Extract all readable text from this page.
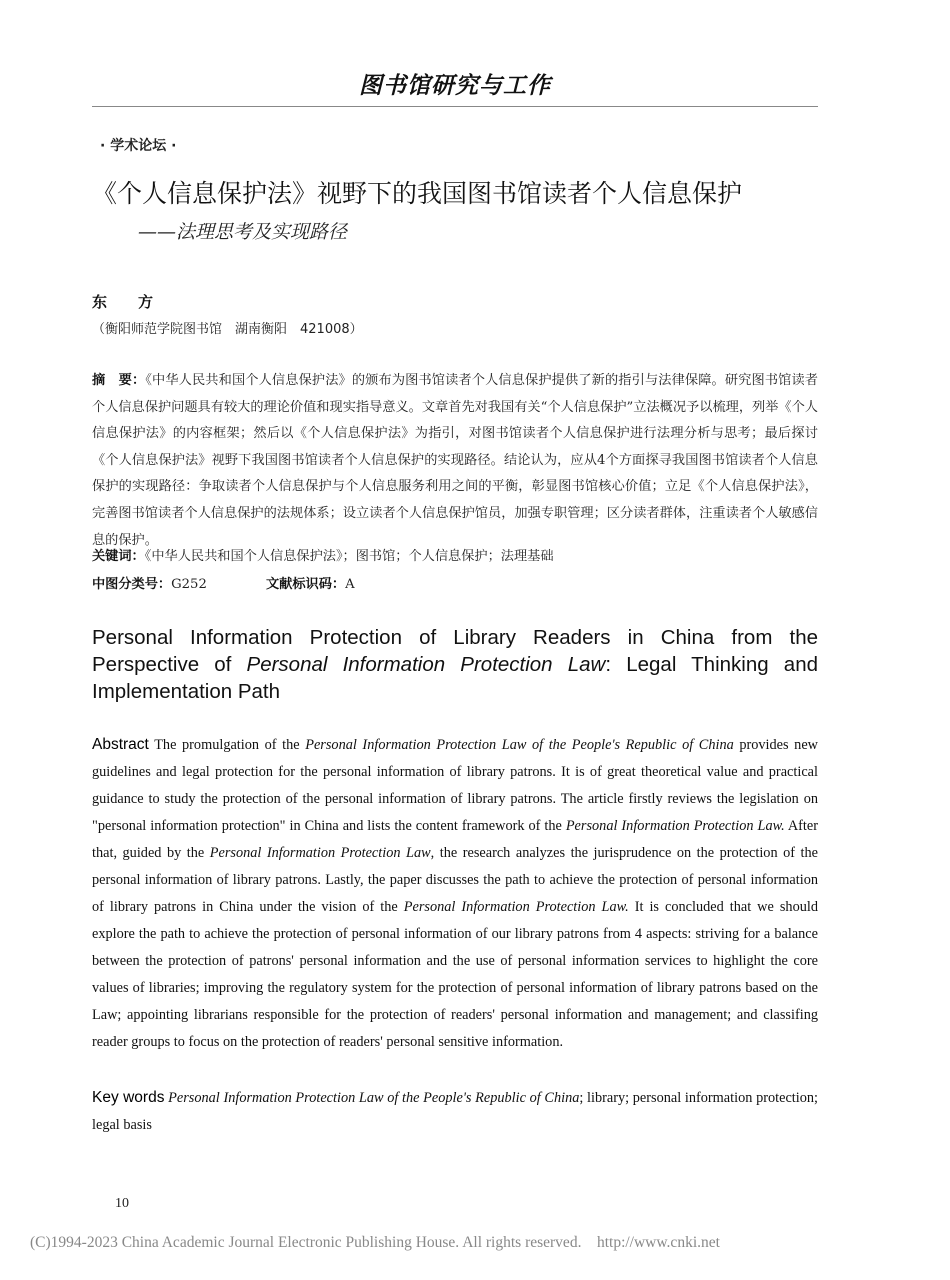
图书馆研究与工作
· 学术论坛 ·
《个人信息保护法》视野下的我国图书馆读者个人信息保护
——法理思考及实现路径
东　方
（衡阳师范学院图书馆　湖南衡阳　421008）
摘　要：《中华人民共和国个人信息保护法》的颁布为图书馆读者个人信息保护提供了新的指引与法律保障。研究图书馆读者个人信息保护问题具有较大的理论价值和现实指导意义。文章首先对我国有关“个人信息保护”立法概况予以梳理，列举《个人信息保护法》的内容框架；然后以《个人信息保护法》为指引，对图书馆读者个人信息保护进行法理分析与思考；最后探讨《个人信息保护法》视野下我国图书馆读者个人信息保护的实现路径。结论认为，应从4个方面探寻我国图书馆读者个人信息保护的实现路径：争取读者个人信息保护与个人信息服务利用之间的平衡，彰显图书馆核心价值；立足《个人信息保护法》，完善图书馆读者个人信息保护的法规体系；设立读者个人信息保护馆员，加强专职管理；区分读者群体，注重读者个人敏感信息的保护。
关键词：《中华人民共和国个人信息保护法》；图书馆；个人信息保护；法理基础
中图分类号：G252	文献标识码：A
Personal Information Protection of Library Readers in China from the Perspective of Personal Information Protection Law: Legal Thinking and Implementation Path
Abstract The promulgation of the Personal Information Protection Law of the People's Republic of China provides new guidelines and legal protection for the personal information of library patrons. It is of great theoretical value and practical guidance to study the protection of the personal information of library patrons. The article firstly reviews the legislation on "personal information protection" in China and lists the content framework of the Personal Information Protection Law. After that, guided by the Personal Information Protection Law, the research analyzes the jurisprudence on the protection of the personal information of library patrons. Lastly, the paper discusses the path to achieve the protection of personal information of library patrons in China under the vision of the Personal Information Protection Law. It is concluded that we should explore the path to achieve the protection of personal information of our library patrons from 4 aspects: striving for a balance between the protection of patrons' personal information and the use of personal information services to highlight the core values of libraries; improving the regulatory system for the protection of personal information of library patrons based on the Law; appointing librarians responsible for the protection of readers' personal information and management; and classifing reader groups to focus on the protection of readers' personal sensitive information.
Key words Personal Information Protection Law of the People's Republic of China; library; personal information protection; legal basis
10
(C)1994-2023 China Academic Journal Electronic Publishing House. All rights reserved. http://www.cnki.net
